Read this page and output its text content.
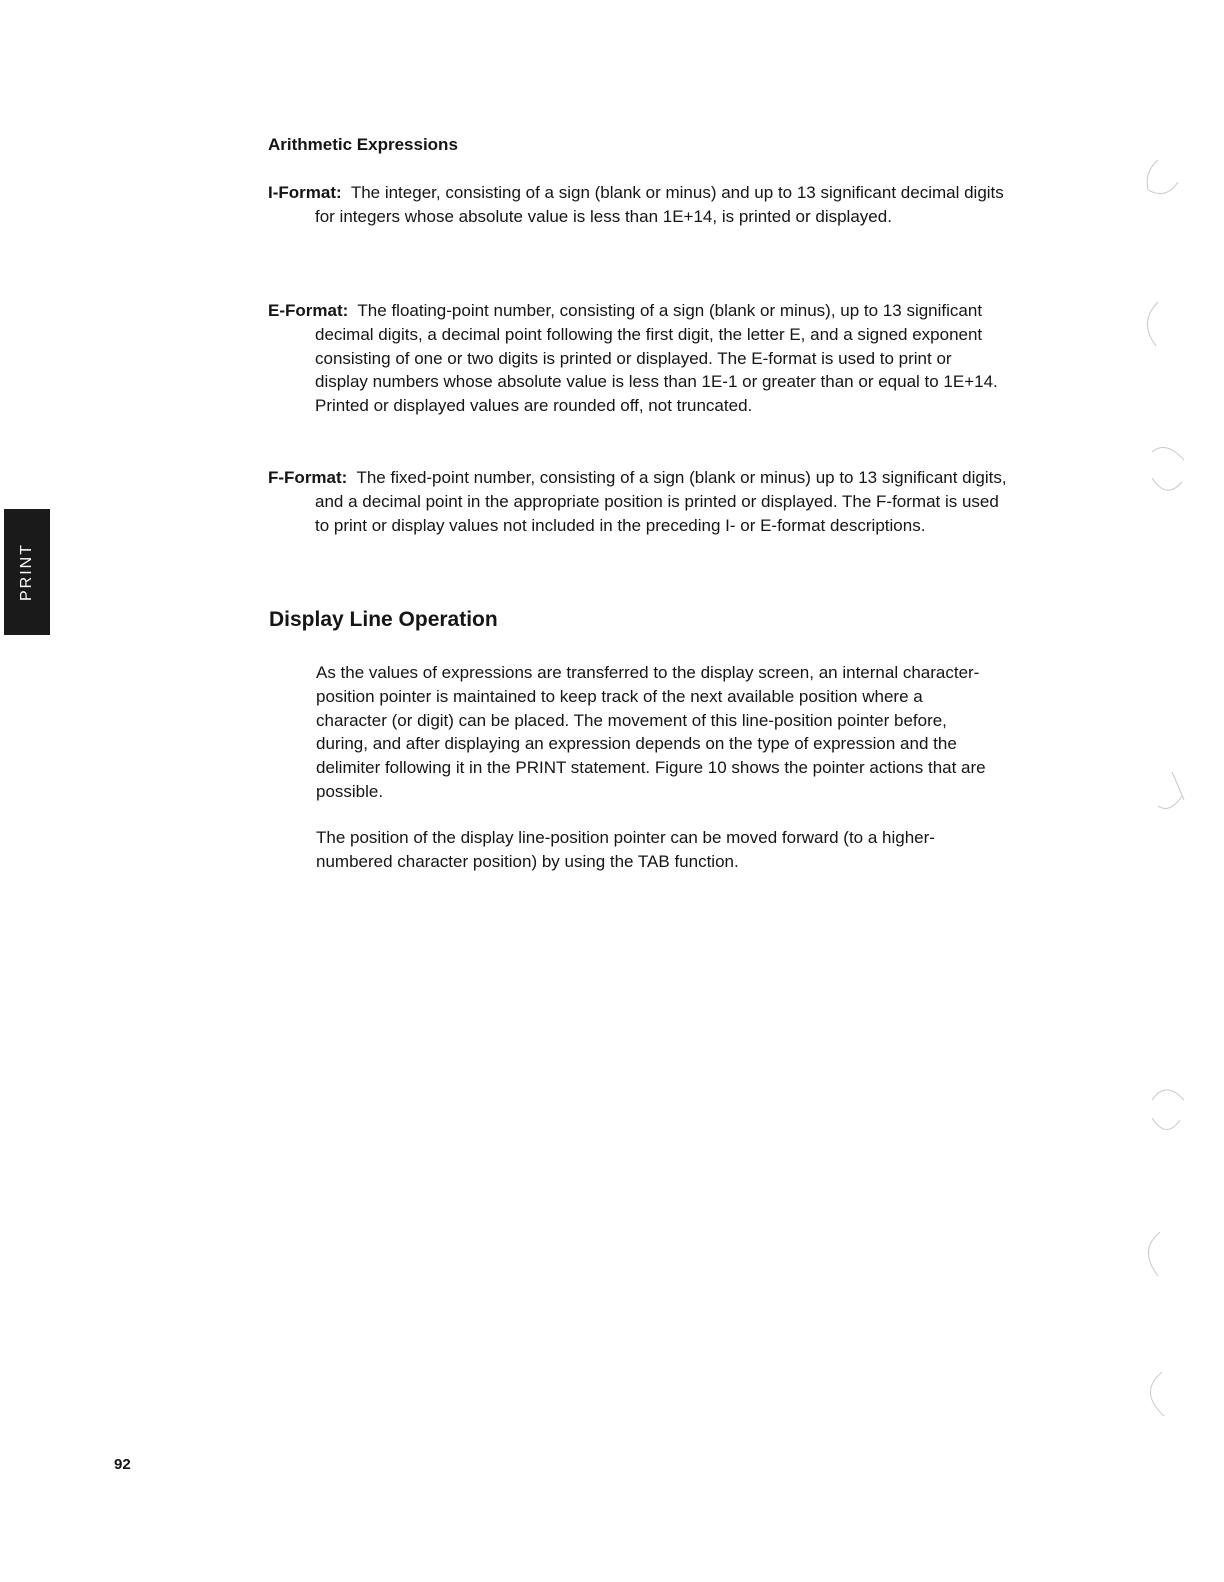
Arithmetic Expressions

I-Format: The integer, consisting of a sign (blank or minus) and up to 13 significant decimal digits for integers whose absolute value is less than 1E+14, is printed or displayed.

E-Format: The floating-point number, consisting of a sign (blank or minus), up to 13 significant decimal digits, a decimal point following the first digit, the letter E, and a signed exponent consisting of one or two digits is printed or displayed. The E-format is used to print or display numbers whose absolute value is less than 1E-1 or greater than or equal to 1E+14. Printed or displayed values are rounded off, not truncated.

F-Format: The fixed-point number, consisting of a sign (blank or minus) up to 13 significant digits, and a decimal point in the appropriate position is printed or displayed. The F-format is used to print or display values not included in the preceding I- or E-format descriptions.

Display Line Operation

As the values of expressions are transferred to the display screen, an internal character-position pointer is maintained to keep track of the next available position where a character (or digit) can be placed. The movement of this line-position pointer before, during, and after displaying an expression depends on the type of expression and the delimiter following it in the PRINT statement. Figure 10 shows the pointer actions that are possible.

The position of the display line-position pointer can be moved forward (to a higher-numbered character position) by using the TAB function.

PRINT

92
